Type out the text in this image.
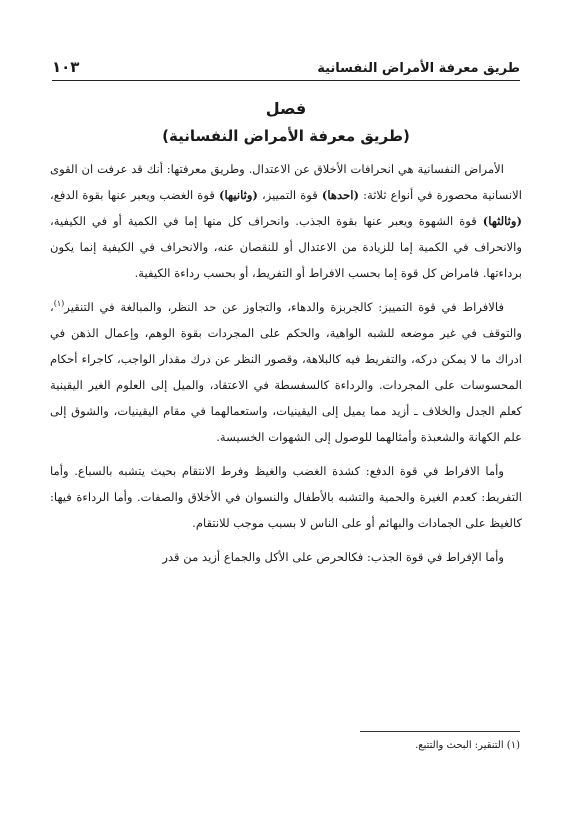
طريق معرفة الأمراض النفسانية
١٠٣
فصل
(طريق معرفة الأمراض النفسانية)

الأمراض النفسانية هي انحرافات الأخلاق عن الاعتدال. وطريق معرفتها: أنك قد عرفت ان القوى الانسانية محصورة في أنواع ثلاثة: (احدها) قوة التمييز، (وثانيها) قوة الغضب ويعبر عنها بقوة الدفع، (وثالثها) قوة الشهوة ويعبر عنها بقوة الجذب. وانحراف كل منها إما في الكمية أو في الكيفية، والانحراف في الكمية إما للزيادة من الاعتدال أو للنقصان عنه، والانحراف في الكيفية إنما يكون برداءتها. فامراض كل قوة إما بحسب الافراط أو التفريط، أو بحسب رداءة الكيفية.

فالافراط في قوة التمييز: كالجربزة والدهاء، والتجاوز عن حد النظر، والمبالغة في التنقير$^{(١)}$، والتوقف في غير موضعه للشبه الواهية، والحكم على المجردات بقوة الوهم، وإعمال الذهن في ادراك ما لا يمكن دركه، والتفريط فيه كالبلاهة، وقصور النظر عن درك مقدار الواجب، كاجراء أحكام المحسوسات على المجردات. والرداءة كالسفسطة في الاعتقاد، والميل إلى العلوم الغير اليقينية كعلم الجدل والخلاف ـ أزيد مما يميل إلى اليقينيات، واستعمالهما في مقام اليقينيات، والشوق إلى علم الكهانة والشعبذة وأمثالهما للوصول إلى الشهوات الخسيسة.

وأما الافراط في قوة الدفع: كشدة الغضب والغيظ وفرط الانتقام بحيث يتشبه بالسباع. وأما التفريط: كعدم الغيرة والحمية والتشبه بالأطفال والنسوان في الأخلاق والصفات. وأما الرداءة فيها: كالغيظ على الجمادات والبهائم أو على الناس لا بسبب موجب للانتقام.

وأما الإفراط في قوة الجذب: فكالحرص على الأكل والجماع أزيد من قدر

(١) التنقير: البحث والتتبع.
